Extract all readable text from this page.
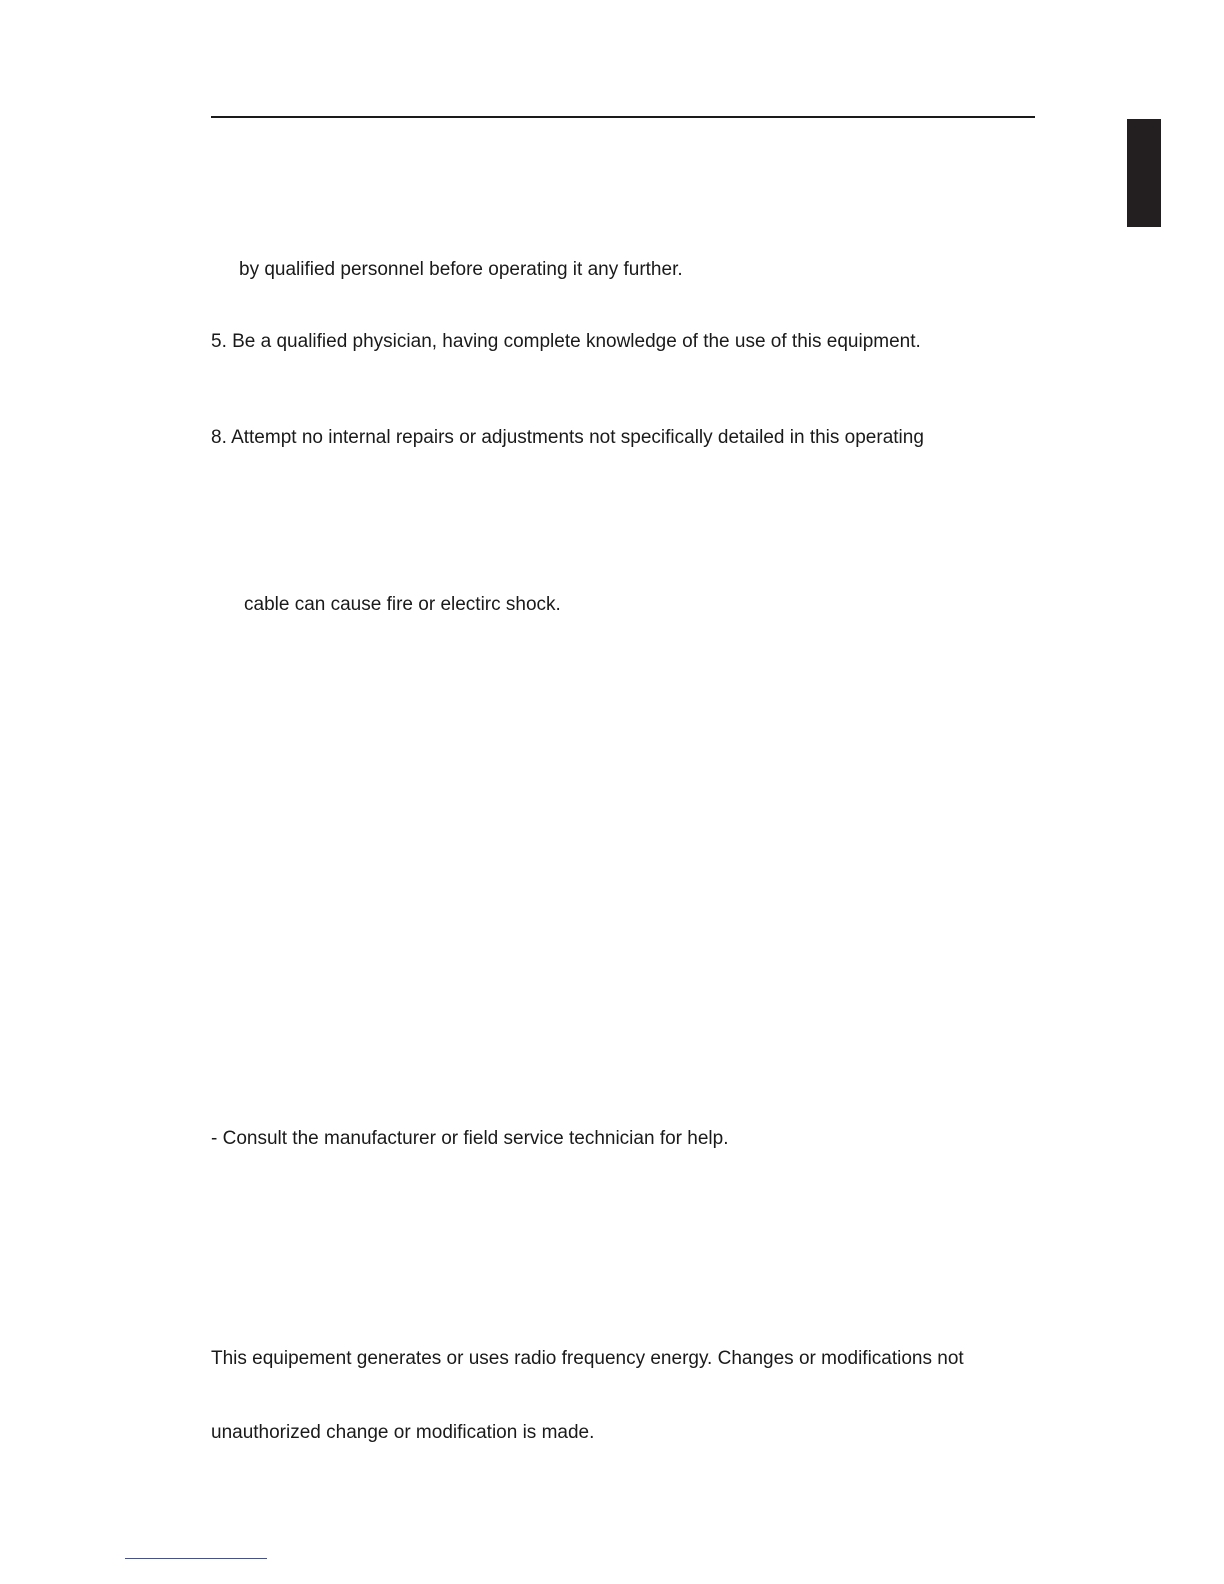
by qualified personnel before operating it any further.
5. Be a qualified physician, having complete knowledge of the use of this equipment.
8. Attempt no internal repairs or adjustments not specifically detailed in this operating
cable can cause fire or electirc shock.
- Consult the manufacturer or field service technician for help.
This equipement generates or uses radio frequency energy. Changes or modifications not
unauthorized change or modification is made.
